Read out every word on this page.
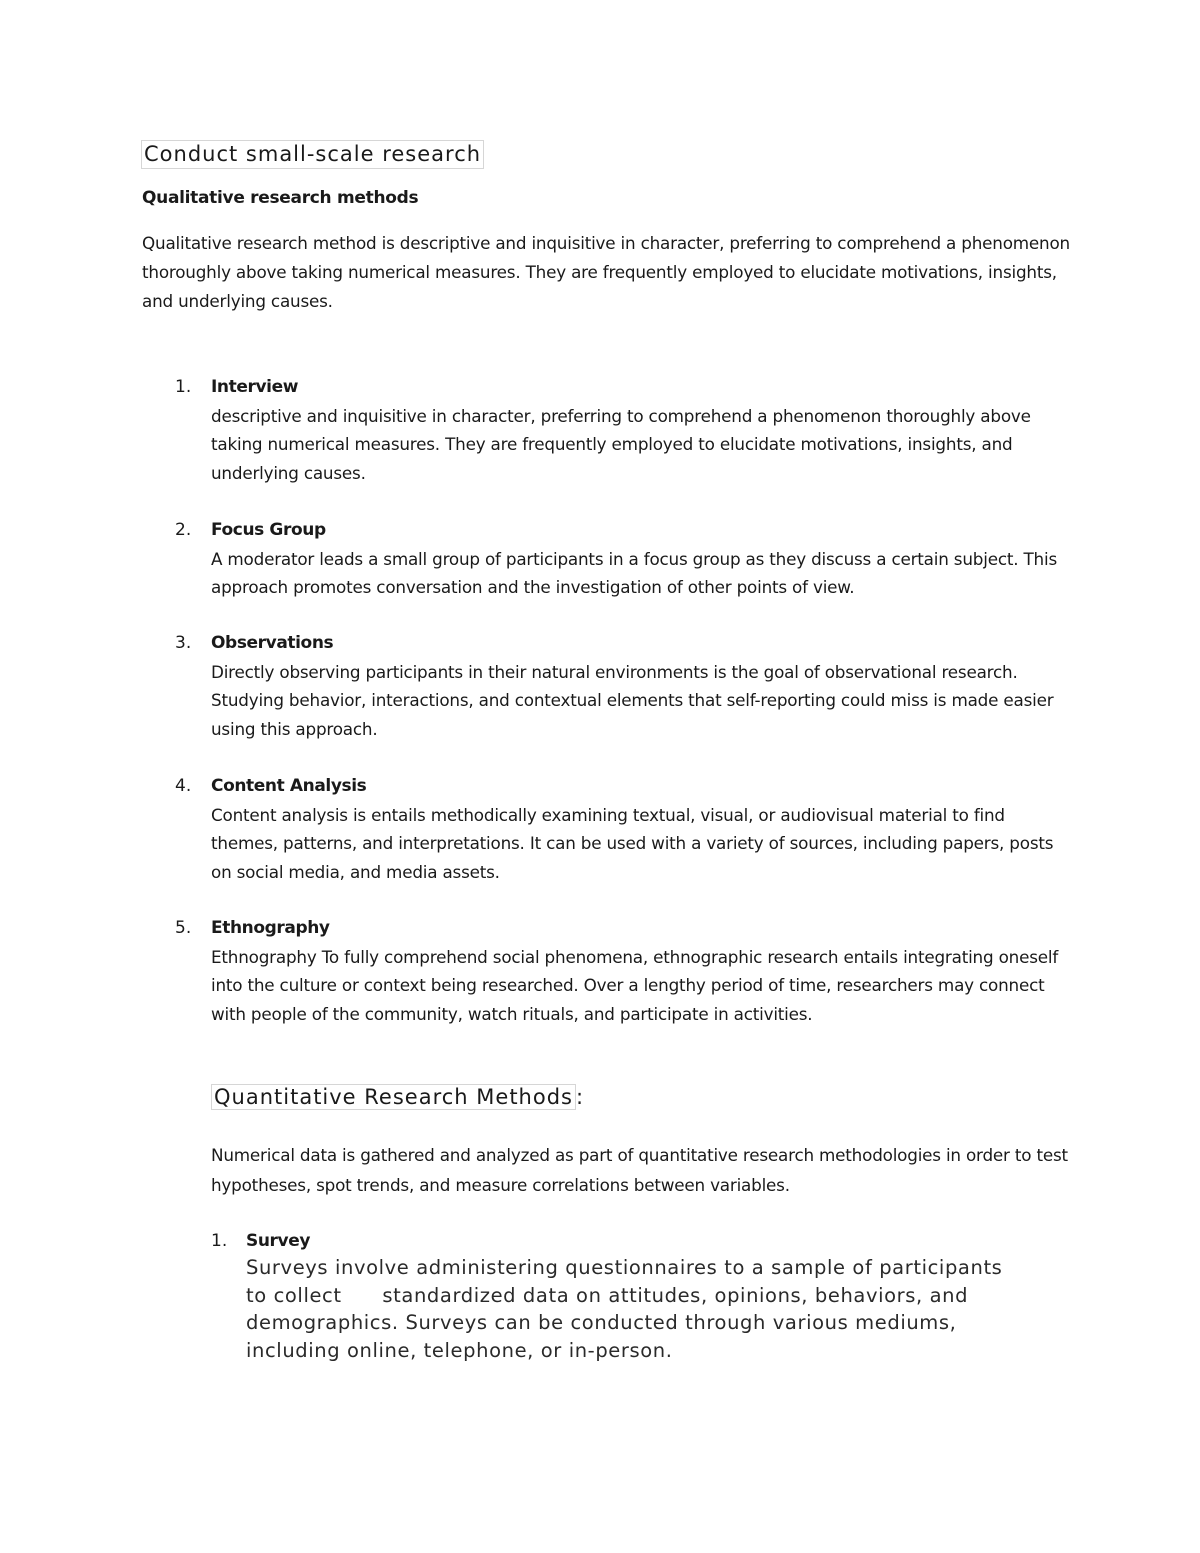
Conduct small-scale research
Qualitative research methods
Qualitative research method is descriptive and inquisitive in character, preferring to comprehend a phenomenon thoroughly above taking numerical measures. They are frequently employed to elucidate motivations, insights, and underlying causes.
1. Interview
descriptive and inquisitive in character, preferring to comprehend a phenomenon thoroughly above taking numerical measures. They are frequently employed to elucidate motivations, insights, and underlying causes.
2. Focus Group
A moderator leads a small group of participants in a focus group as they discuss a certain subject. This approach promotes conversation and the investigation of other points of view.
3. Observations
Directly observing participants in their natural environments is the goal of observational research. Studying behavior, interactions, and contextual elements that self-reporting could miss is made easier using this approach.
4. Content Analysis
Content analysis is entails methodically examining textual, visual, or audiovisual material to find themes, patterns, and interpretations. It can be used with a variety of sources, including papers, posts on social media, and media assets.
5. Ethnography
Ethnography To fully comprehend social phenomena, ethnographic research entails integrating oneself into the culture or context being researched. Over a lengthy period of time, researchers may connect with people of the community, watch rituals, and participate in activities.
Quantitative Research Methods :
Numerical data is gathered and analyzed as part of quantitative research methodologies in order to test hypotheses, spot trends, and measure correlations between variables.
1. Survey
Surveys involve administering questionnaires to a sample of participants
to collect      standardized data on attitudes, opinions, behaviors, and
demographics. Surveys can be conducted through various mediums,
including online, telephone, or in-person.
